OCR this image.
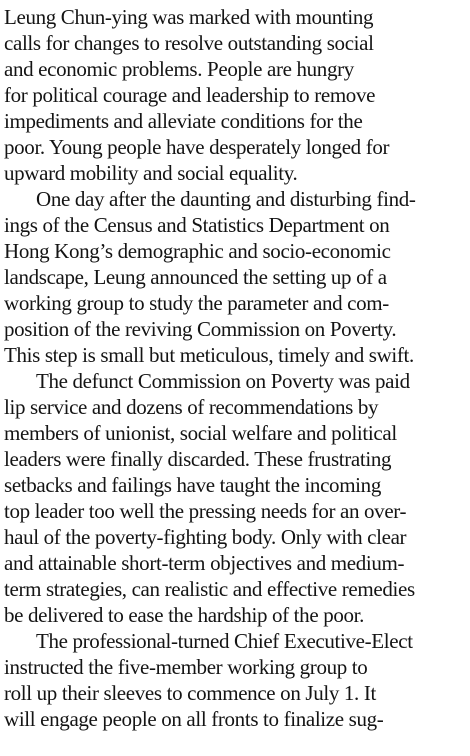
Leung Chun-ying was marked with mounting
calls for changes to resolve outstanding social
and economic problems. People are hungry
for political courage and leadership to remove
impediments and alleviate conditions for the
poor. Young people have desperately longed for
upward mobility and social equality.
One day after the daunting and disturbing find-
ings of the Census and Statistics Department on
Hong Kong’s demographic and socio-economic
landscape, Leung announced the setting up of a
working group to study the parameter and com-
position of the reviving Commission on Poverty.
This step is small but meticulous, timely and swift.
The defunct Commission on Poverty was paid
lip service and dozens of recommendations by
members of unionist, social welfare and political
leaders were finally discarded. These frustrating
setbacks and failings have taught the incoming
top leader too well the pressing needs for an over-
haul of the poverty-fighting body. Only with clear
and attainable short-term objectives and medium-
term strategies, can realistic and effective remedies
be delivered to ease the hardship of the poor.
The professional-turned Chief Executive-Elect
instructed the five-member working group to
roll up their sleeves to commence on July 1. It
will engage people on all fronts to finalize sug-
